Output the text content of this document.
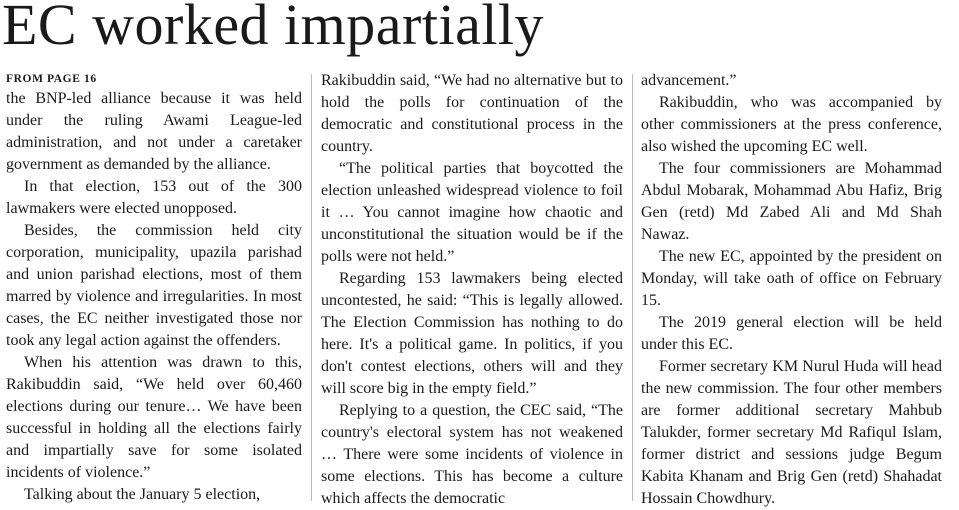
EC worked impartially
FROM PAGE 16

the BNP-led alliance because it was held under the ruling Awami League-led administration, and not under a caretaker government as demanded by the alliance.

In that election, 153 out of the 300 lawmakers were elected unopposed.

Besides, the commission held city corporation, municipality, upazila parishad and union parishad elections, most of them marred by violence and irregularities. In most cases, the EC neither investigated those nor took any legal action against the offenders.

When his attention was drawn to this, Rakibuddin said, “We held over 60,460 elections during our tenure… We have been successful in holding all the elections fairly and impartially save for some isolated incidents of violence.”

Talking about the January 5 election,

Rakibuddin said, “We had no alternative but to hold the polls for continuation of the democratic and constitutional process in the country.

“The political parties that boycotted the election unleashed widespread violence to foil it … You cannot imagine how chaotic and unconstitutional the situation would be if the polls were not held.”

Regarding 153 lawmakers being elected uncontested, he said: “This is legally allowed. The Election Commission has nothing to do here. It's a political game. In politics, if you don't contest elections, others will and they will score big in the empty field.”

Replying to a question, the CEC said, “The country's electoral system has not weakened … There were some incidents of violence in some elections. This has become a culture which affects the democratic

advancement.”

Rakibuddin, who was accompanied by other commissioners at the press conference, also wished the upcoming EC well.

The four commissioners are Mohammad Abdul Mobarak, Mohammad Abu Hafiz, Brig Gen (retd) Md Zabed Ali and Md Shah Nawaz.

The new EC, appointed by the president on Monday, will take oath of office on February 15.

The 2019 general election will be held under this EC.

Former secretary KM Nurul Huda will head the new commission. The four other members are former additional secretary Mahbub Talukder, former secretary Md Rafiqul Islam, former district and sessions judge Begum Kabita Khanam and Brig Gen (retd) Shahadat Hossain Chowdhury.
